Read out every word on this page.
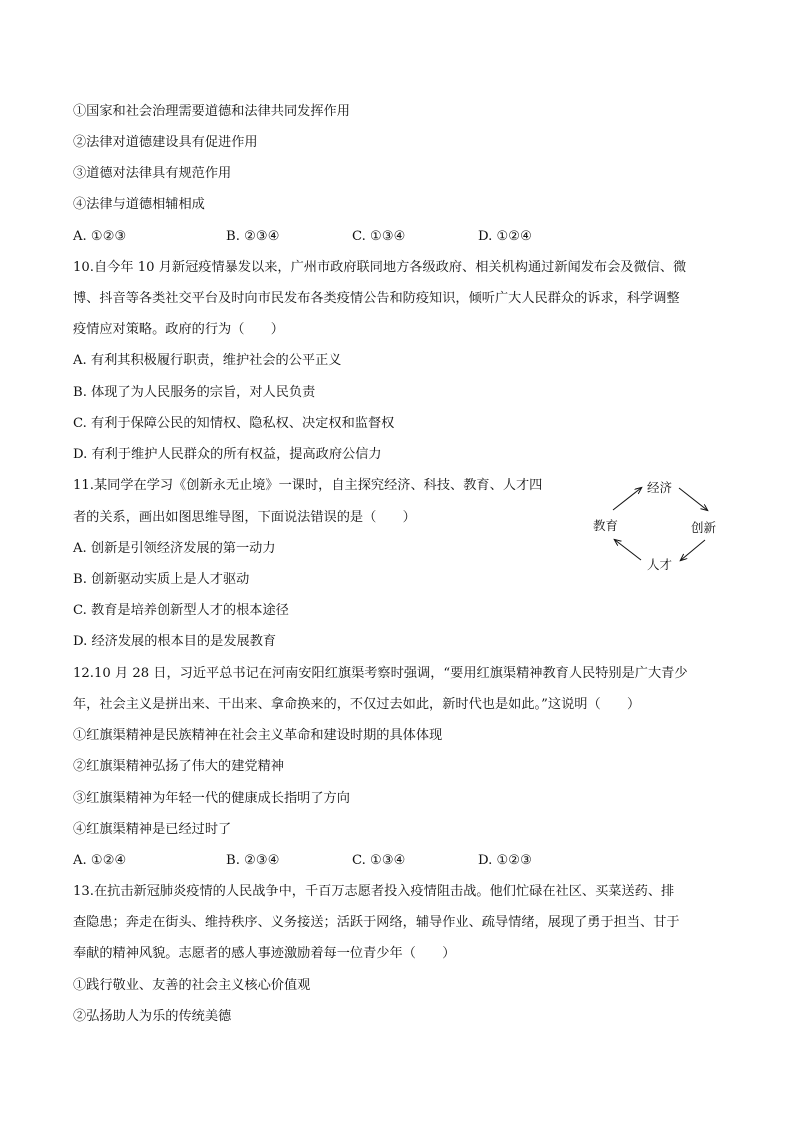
①国家和社会治理需要道德和法律共同发挥作用
②法律对道德建设具有促进作用
③道德对法律具有规范作用
④法律与道德相辅相成
A. ①②③	B. ②③④	C. ①③④	D. ①②④
10.自今年 10 月新冠疫情暴发以来，广州市政府联同地方各级政府、相关机构通过新闻发布会及微信、微
博、抖音等各类社交平台及时向市民发布各类疫情公告和防疫知识，倾听广大人民群众的诉求，科学调整
疫情应对策略。政府的行为（　　）
A. 有利其积极履行职责，维护社会的公平正义
B. 体现了为人民服务的宗旨，对人民负责
C. 有利于保障公民的知情权、隐私权、决定权和监督权
D. 有利于维护人民群众的所有权益，提高政府公信力
11.某同学在学习《创新永无止境》一课时，自主探究经济、科技、教育、人才四
者的关系，画出如图思维导图，下面说法错误的是（　　）
A. 创新是引领经济发展的第一动力
B. 创新驱动实质上是人才驱动
C. 教育是培养创新型人才的根本途径
D. 经济发展的根本目的是发展教育
经济
创新
人才
教育
12.10 月 28 日，习近平总书记在河南安阳红旗渠考察时强调，“要用红旗渠精神教育人民特别是广大青少
年，社会主义是拼出来、干出来、拿命换来的，不仅过去如此，新时代也是如此。”这说明（　　）
①红旗渠精神是民族精神在社会主义革命和建设时期的具体体现
②红旗渠精神弘扬了伟大的建党精神
③红旗渠精神为年轻一代的健康成长指明了方向
④红旗渠精神是已经过时了
A. ①②④	B. ②③④	C. ①③④	D. ①②③
13.在抗击新冠肺炎疫情的人民战争中，千百万志愿者投入疫情阻击战。他们忙碌在社区、买菜送药、排
查隐患；奔走在街头、维持秩序、义务接送；活跃于网络，辅导作业、疏导情绪，展现了勇于担当、甘于
奉献的精神风貌。志愿者的感人事迹激励着每一位青少年（　　）
①践行敬业、友善的社会主义核心价值观
②弘扬助人为乐的传统美德
